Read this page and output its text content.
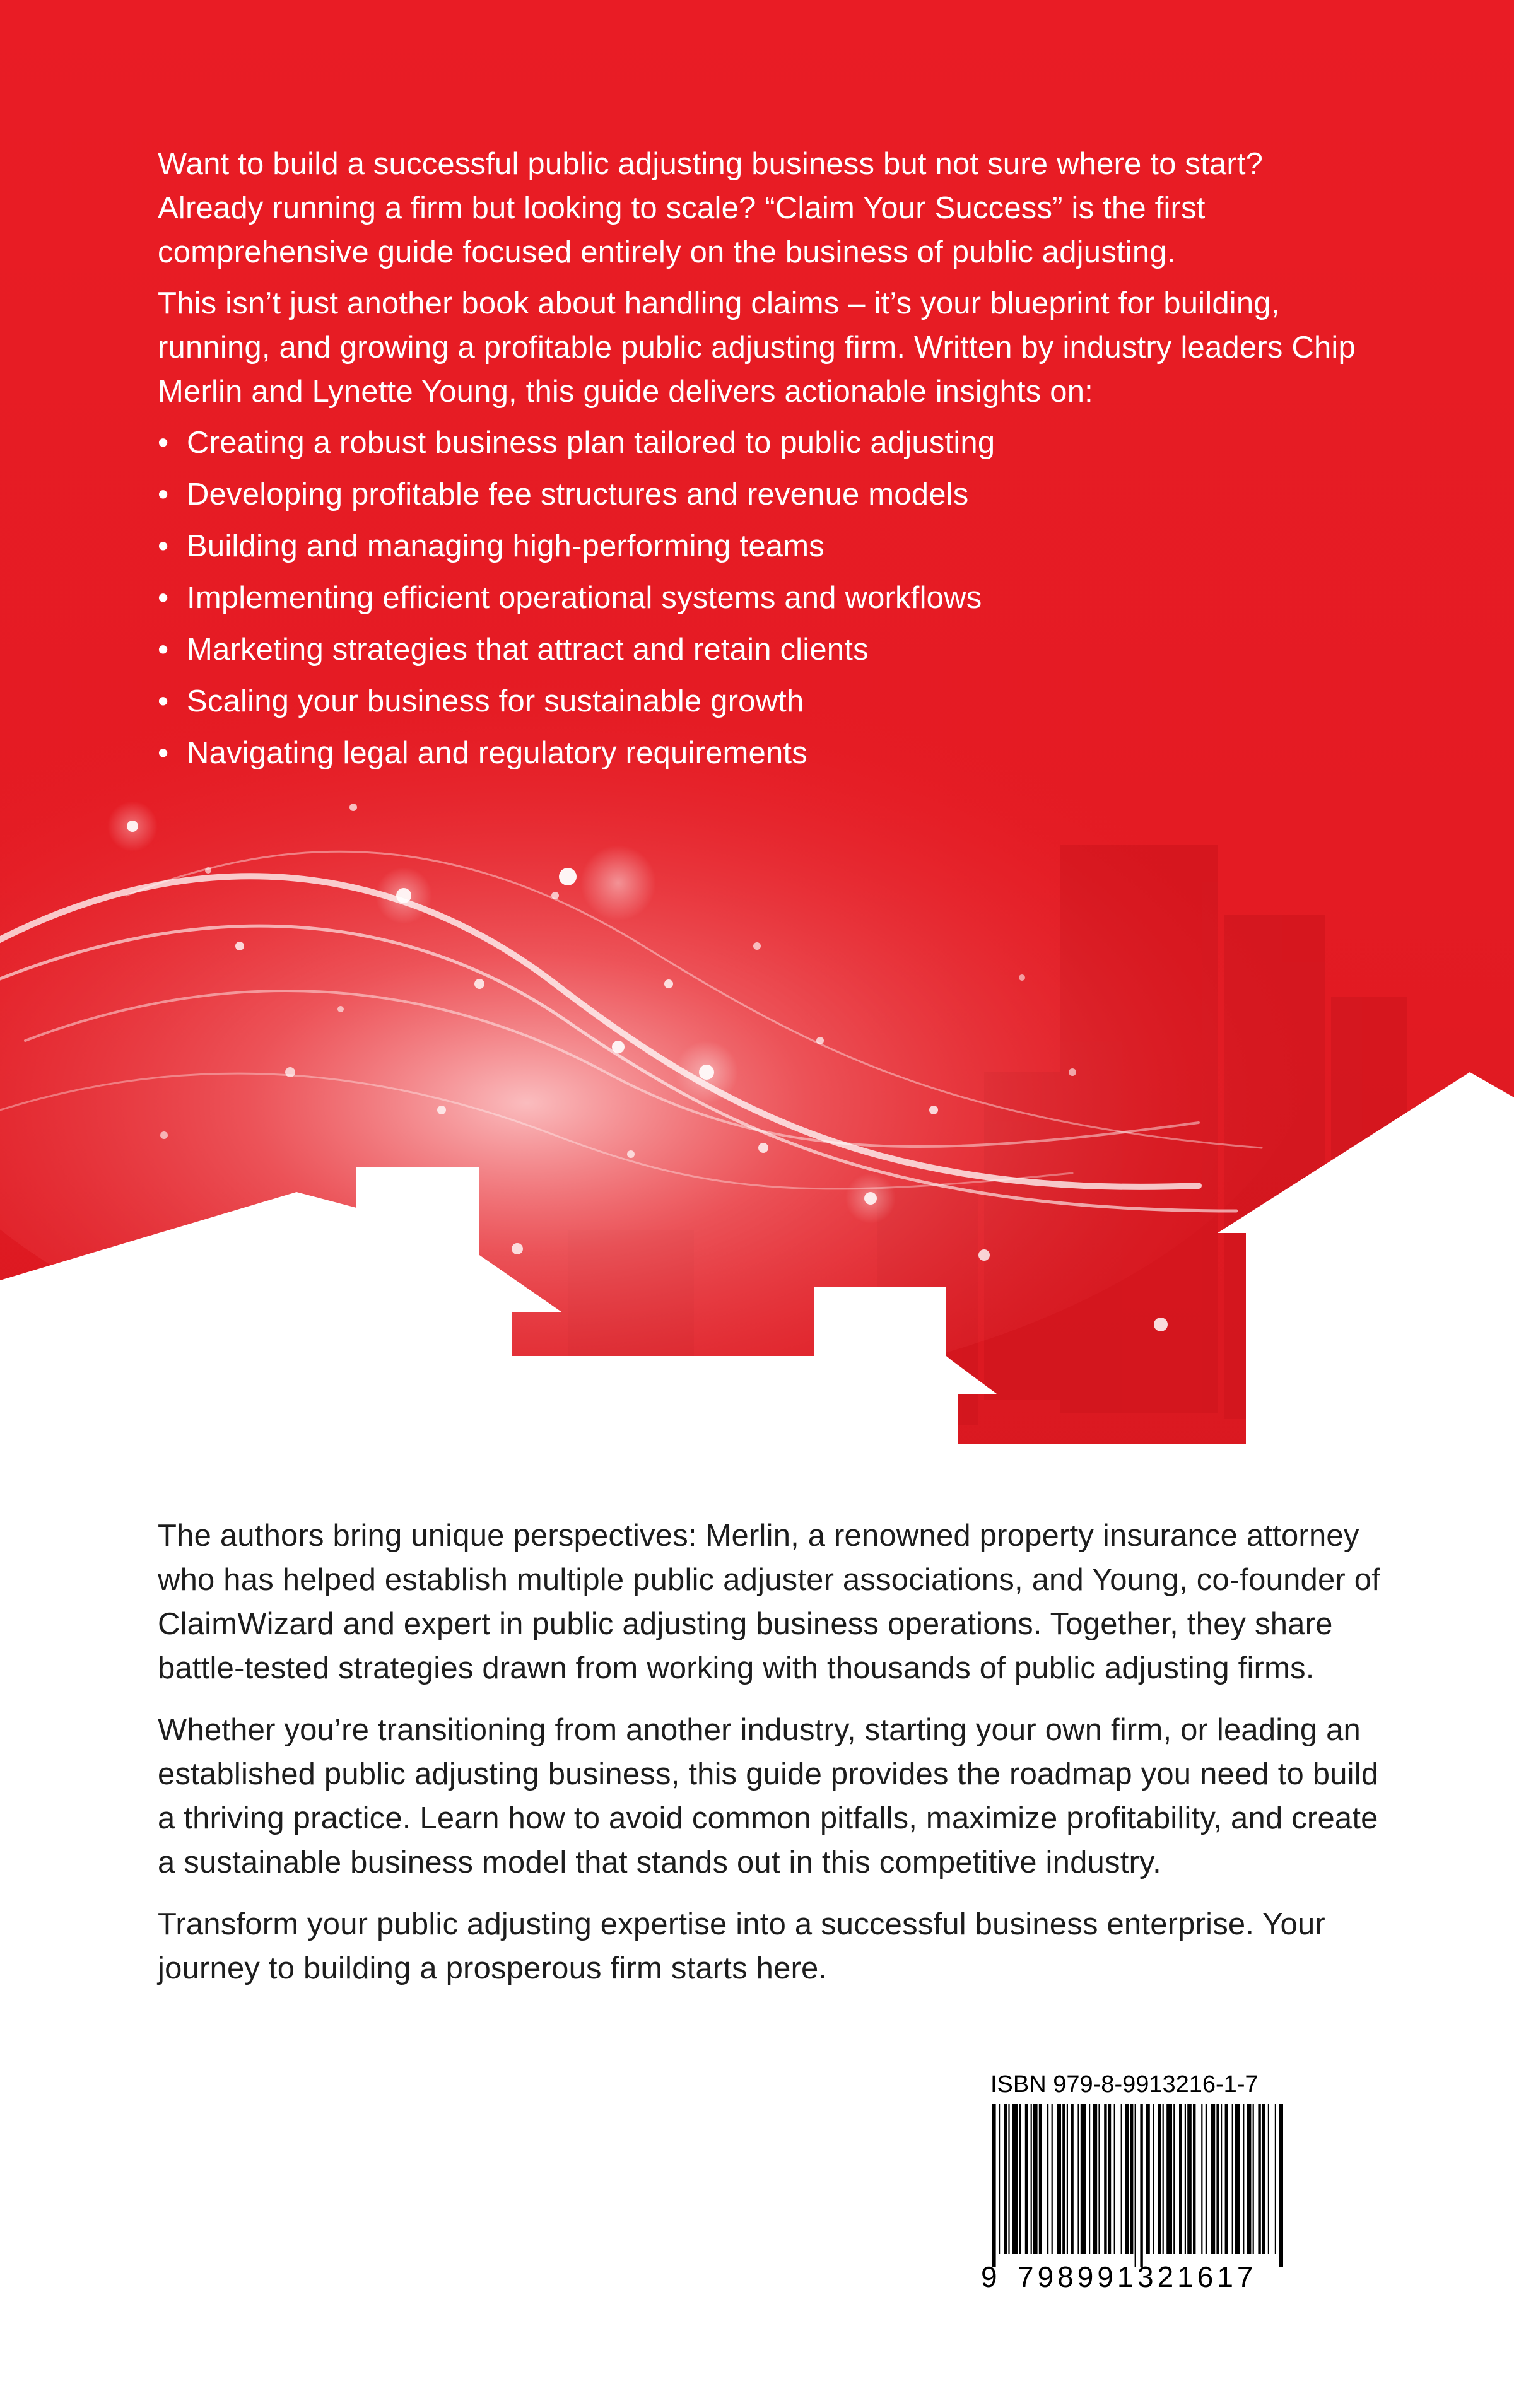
Want to build a successful public adjusting business but not sure where to start? Already running a firm but looking to scale? “Claim Your Success” is the first comprehensive guide focused entirely on the business of public adjusting.

This isn’t just another book about handling claims – it’s your blueprint for building, running, and growing a profitable public adjusting firm. Written by industry leaders Chip Merlin and Lynette Young, this guide delivers actionable insights on:

• Creating a robust business plan tailored to public adjusting
• Developing profitable fee structures and revenue models
• Building and managing high-performing teams
• Implementing efficient operational systems and workflows
• Marketing strategies that attract and retain clients
• Scaling your business for sustainable growth
• Navigating legal and regulatory requirements

The authors bring unique perspectives: Merlin, a renowned property insurance attorney who has helped establish multiple public adjuster associations, and Young, co-founder of ClaimWizard and expert in public adjusting business operations. Together, they share battle-tested strategies drawn from working with thousands of public adjusting firms.

Whether you’re transitioning from another industry, starting your own firm, or leading an established public adjusting business, this guide provides the roadmap you need to build a thriving practice. Learn how to avoid common pitfalls, maximize profitability, and create a sustainable business model that stands out in this competitive industry.

Transform your public adjusting expertise into a successful business enterprise. Your journey to building a prosperous firm starts here.

ISBN 979-8-9913216-1-7
9 798991 321617
